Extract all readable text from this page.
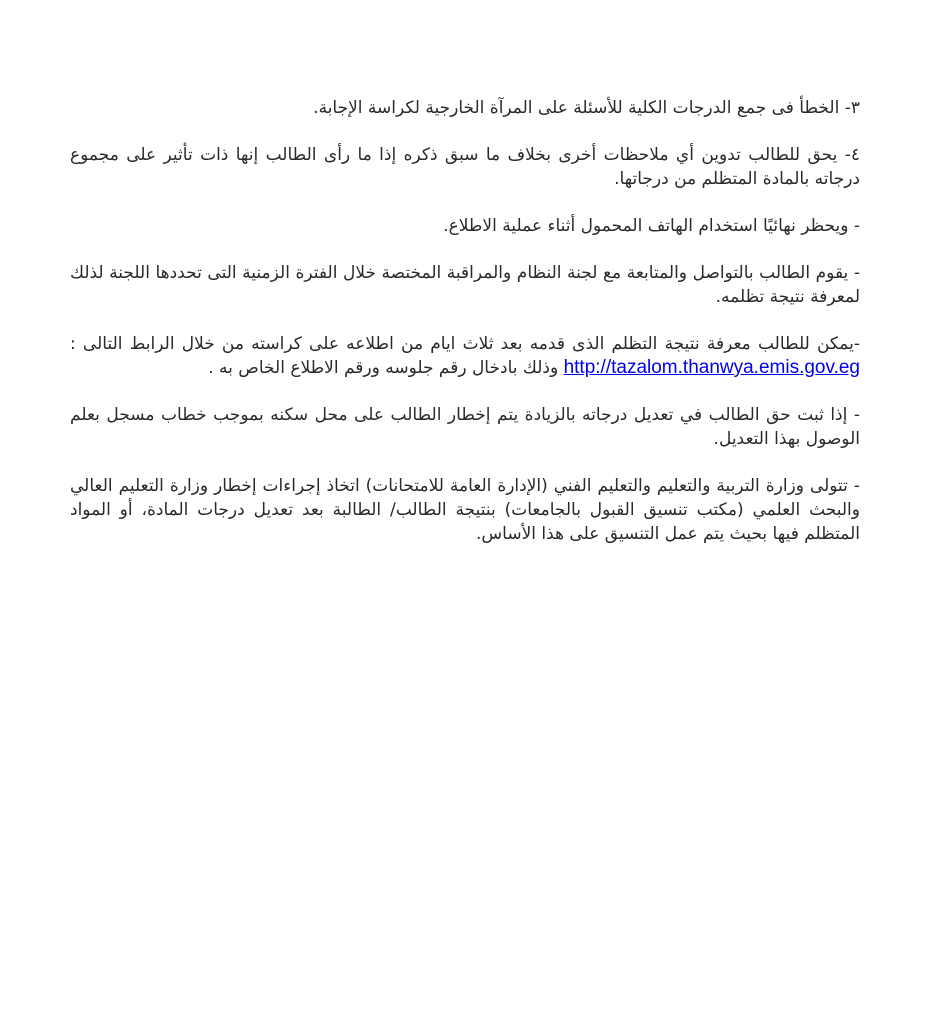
٣- الخطأ فى جمع الدرجات الكلية للأسئلة على المرآة الخارجية لكراسة الإجابة.

٤- يحق للطالب تدوين أي ملاحظات أخرى بخلاف ما سبق ذكره إذا ما رأى الطالب إنها ذات تأثير على مجموع درجاته بالمادة المتظلم من درجاتها.

- ويحظر نهائيًا استخدام الهاتف المحمول أثناء عملية الاطلاع.

- يقوم الطالب بالتواصل والمتابعة مع لجنة النظام والمراقبة المختصة خلال الفترة الزمنية التى تحددها اللجنة لذلك لمعرفة نتيجة تظلمه.

-يمكن للطالب معرفة نتيجة التظلم الذى قدمه بعد ثلاث ايام من اطلاعه على كراسته من خلال الرابط التالى : http://tazalom.thanwya.emis.gov.eg وذلك بادخال رقم جلوسه ورقم الاطلاع الخاص به .

- إذا ثبت حق الطالب في تعديل درجاته بالزيادة يتم إخطار الطالب على محل سكنه بموجب خطاب مسجل بعلم الوصول بهذا التعديل.

- تتولى وزارة التربية والتعليم والتعليم الفني (الإدارة العامة للامتحانات) اتخاذ إجراءات إخطار وزارة التعليم العالي والبحث العلمي (مكتب تنسيق القبول بالجامعات) بنتيجة الطالب/ الطالبة بعد تعديل درجات المادة، أو المواد المتظلم فيها بحيث يتم عمل التنسيق على هذا الأساس.
